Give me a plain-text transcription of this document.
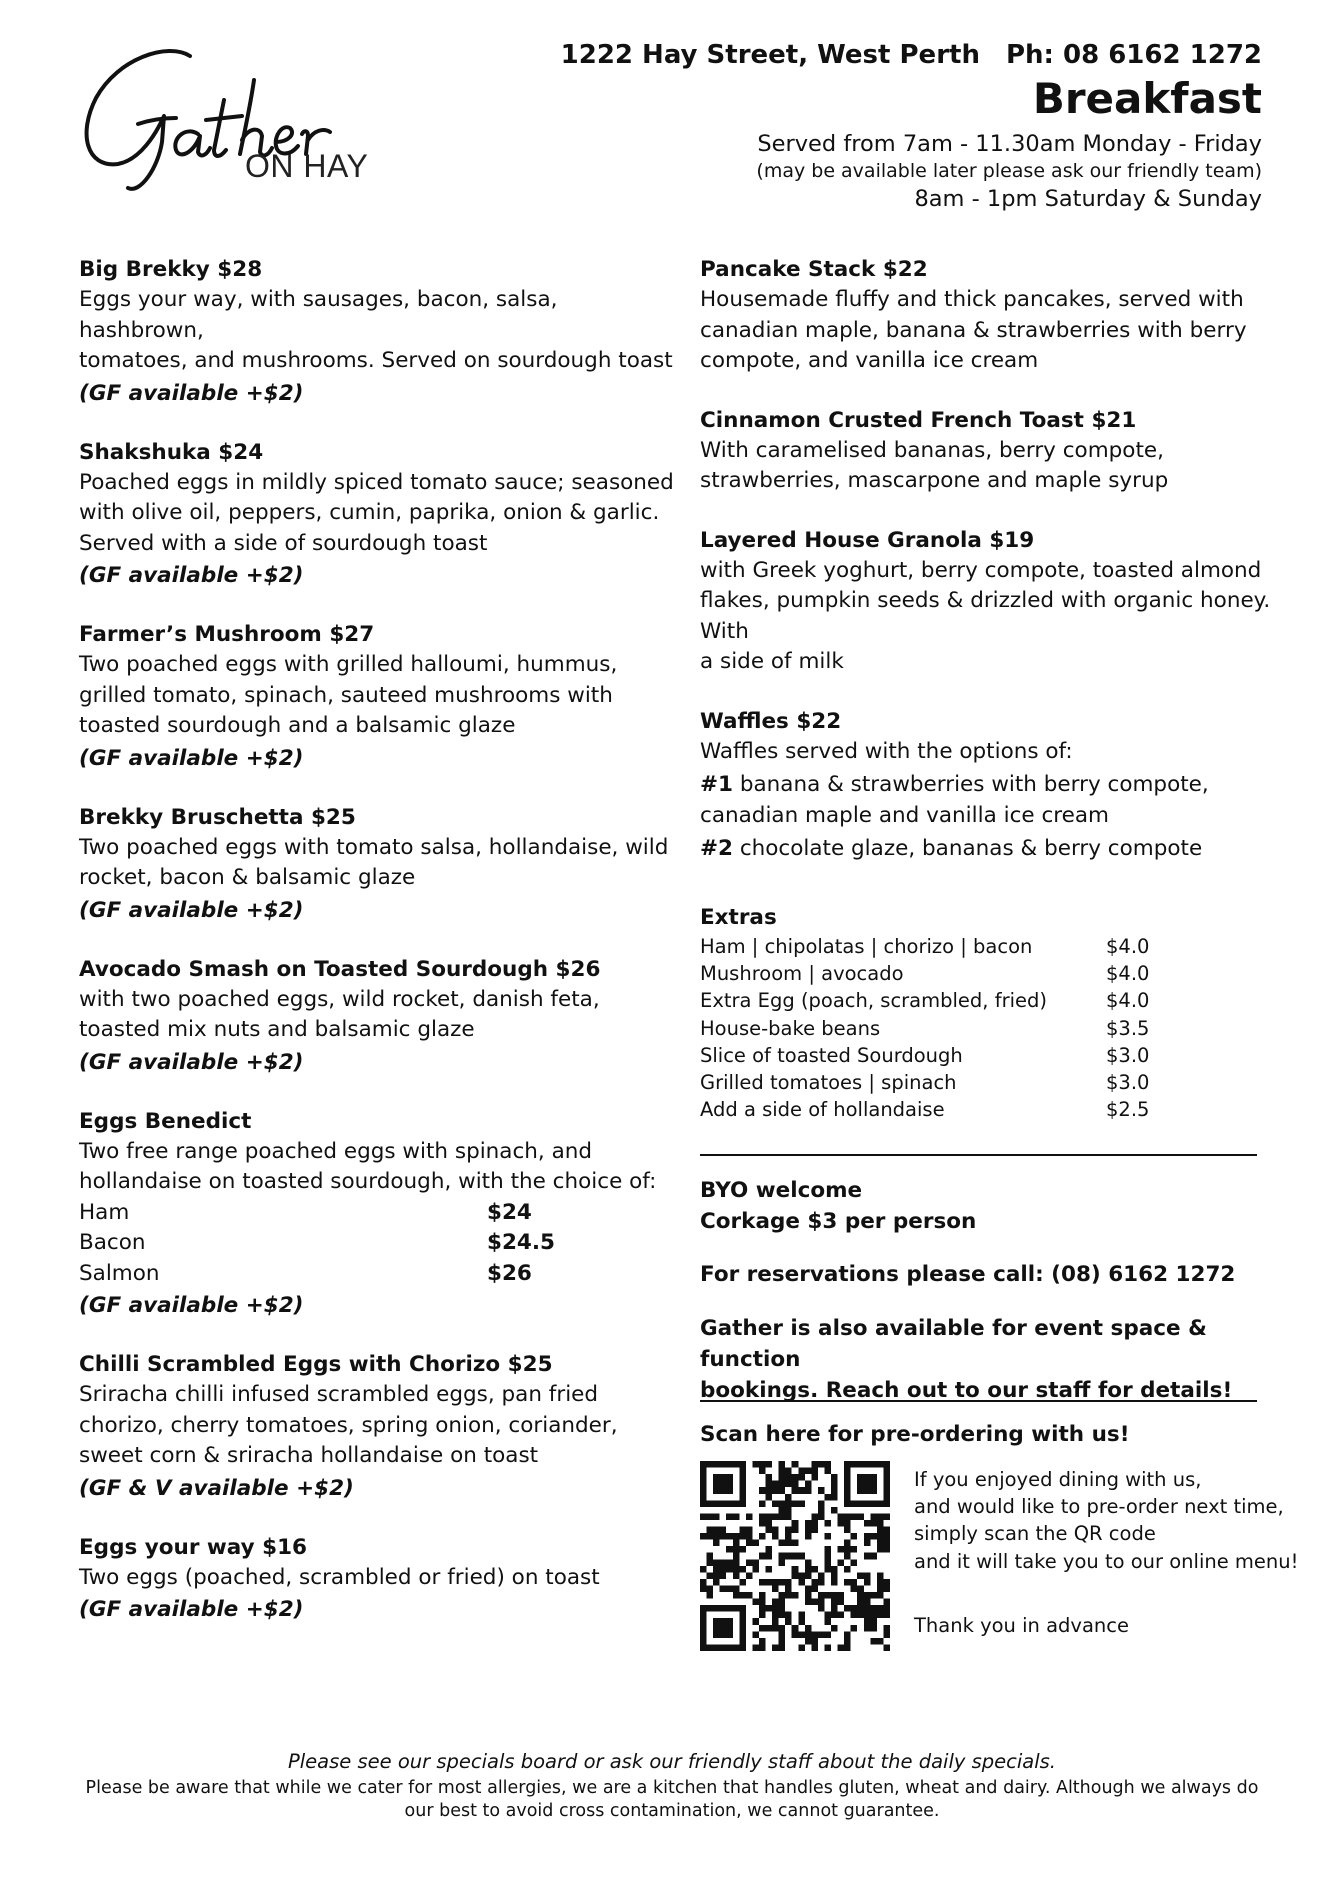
ON HAY
1222 Hay Street, West Perth Ph: 08 6162 1272
Breakfast
Served from 7am - 11.30am Monday - Friday
(may be available later please ask our friendly team)
8am - 1pm Saturday & Sunday
Big Brekky $28
Eggs your way, with sausages, bacon, salsa, hashbrown,
tomatoes, and mushrooms. Served on sourdough toast
(GF available +$2)
Shakshuka $24
Poached eggs in mildly spiced tomato sauce; seasoned
with olive oil, peppers, cumin, paprika, onion & garlic.
Served with a side of sourdough toast
(GF available +$2)
Farmer’s Mushroom $27
Two poached eggs with grilled halloumi, hummus,
grilled tomato, spinach, sauteed mushrooms with
toasted sourdough and a balsamic glaze
(GF available +$2)
Brekky Bruschetta $25
Two poached eggs with tomato salsa, hollandaise, wild
rocket, bacon & balsamic glaze
(GF available +$2)
Avocado Smash on Toasted Sourdough $26
with two poached eggs, wild rocket, danish feta,
toasted mix nuts and balsamic glaze
(GF available +$2)
Eggs Benedict
Two free range poached eggs with spinach, and
hollandaise on toasted sourdough, with the choice of:
Ham	$24
Bacon	$24.5
Salmon	$26
(GF available +$2)
Chilli Scrambled Eggs with Chorizo $25
Sriracha chilli infused scrambled eggs, pan fried
chorizo, cherry tomatoes, spring onion, coriander,
sweet corn & sriracha hollandaise on toast
(GF & V available +$2)
Eggs your way $16
Two eggs (poached, scrambled or fried) on toast
(GF available +$2)
Pancake Stack $22
Housemade fluffy and thick pancakes, served with
canadian maple, banana & strawberries with berry
compote, and vanilla ice cream
Cinnamon Crusted French Toast $21
With caramelised bananas, berry compote,
strawberries, mascarpone and maple syrup
Layered House Granola $19
with Greek yoghurt, berry compote, toasted almond
flakes, pumpkin seeds & drizzled with organic honey. With
a side of milk
Waffles $22
Waffles served with the options of:
#1 banana & strawberries with berry compote,
canadian maple and vanilla ice cream
#2 chocolate glaze, bananas & berry compote
Extras
Ham | chipolatas | chorizo | bacon	$4.0
Mushroom | avocado	$4.0
Extra Egg (poach, scrambled, fried)	$4.0
House-bake beans	$3.5
Slice of toasted Sourdough	$3.0
Grilled tomatoes | spinach	$3.0
Add a side of hollandaise	$2.5
BYO welcome
Corkage $3 per person
For reservations please call: (08) 6162 1272
Gather is also available for event space & function
bookings. Reach out to our staff for details!
Scan here for pre-ordering with us!
If you enjoyed dining with us,
and would like to pre-order next time,
simply scan the QR code
and it will take you to our online menu!
Thank you in advance
Please see our specials board or ask our friendly staff about the daily specials.
Please be aware that while we cater for most allergies, we are a kitchen that handles gluten, wheat and dairy. Although we always do our best to avoid cross contamination, we cannot guarantee.
